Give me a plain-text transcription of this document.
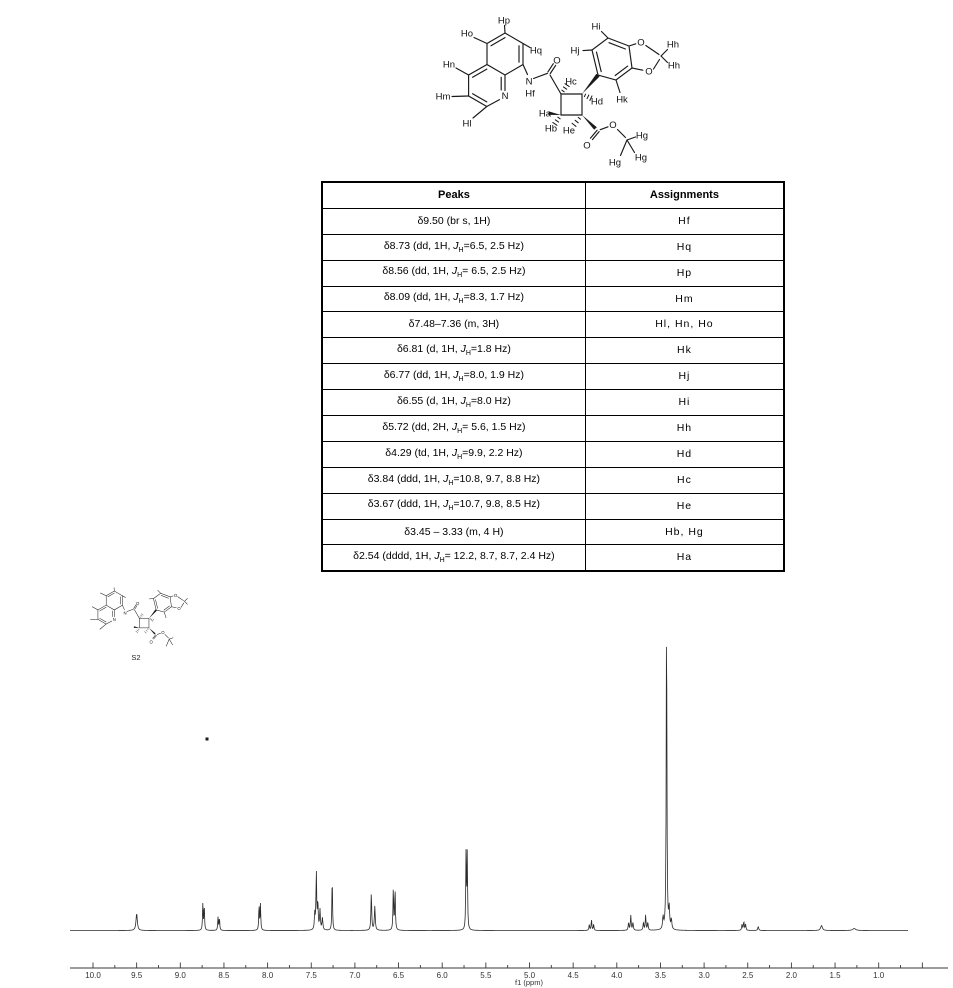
Ho
Hp
Hq
Hn
Hm
Hl
N
N
Hf
O
Hc
Hd
Ha
Hb He
Hi
Hj
Hk
O
O
Hh
Hh
O
O
Hg
Hg
Hg
Peaks	Assignments
δ9.50 (br s, 1H)	Hf
δ8.73 (dd, 1H, $J_H=6.5$, 2.5 Hz)	Hq
δ8.56 (dd, 1H, $J_H= 6.5$, 2.5 Hz)	Hp
δ8.09 (dd, 1H, $J_H=8.3$, 1.7 Hz)	Hm
δ7.48–7.36 (m, 3H)	Hl, Hn, Ho
δ6.81 (d, 1H, $J_H=1.8$ Hz)	Hk
δ6.77 (dd, 1H, $J_H=8.0$, 1.9 Hz)	Hj
δ6.55 (d, 1H, $J_H=8.0$ Hz)	Hi
δ5.72 (dd, 2H, $J_H= 5.6$, 1.5 Hz)	Hh
δ4.29 (td, 1H, $J_H=9.9$, 2.2 Hz)	Hd
δ3.84 (ddd, 1H, $J_H=10.8$, 9.7, 8.8 Hz)	Hc
δ3.67 (ddd, 1H, $J_H=10.7$, 9.8, 8.5 Hz)	He
δ3.45 – 3.33 (m, 4 H)	Hb, Hg
δ2.54 (dddd, 1H, $J_H= 12.2$, 8.7, 8.7, 2.4 Hz)	Ha
10.0	9.5	9.0	8.5	8.0	7.5	7.0	6.5	6.0	5.5	5.0	4.5	4.0	3.5	3.0	2.5	2.0	1.5	1.0
f1 (ppm)
N
N
O
O
O
O
O
S2
